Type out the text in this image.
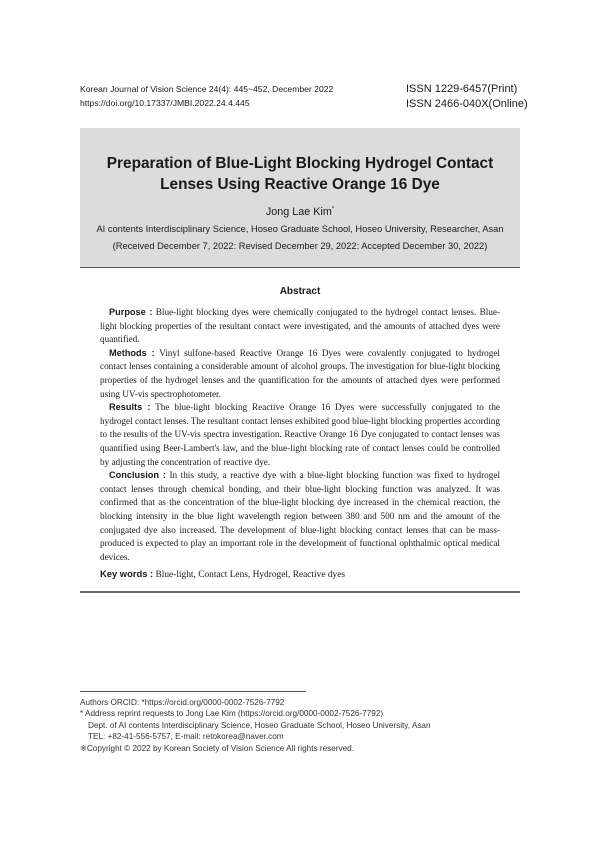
Korean Journal of Vision Science 24(4): 445~452, December 2022
https://doi.org/10.17337/JMBI.2022.24.4.445
ISSN 1229-6457(Print)
ISSN 2466-040X(Online)
Preparation of Blue-Light Blocking Hydrogel Contact
Lenses Using Reactive Orange 16 Dye
Jong Lae Kim*
AI contents Interdisciplinary Science, Hoseo Graduate School, Hoseo University, Researcher, Asan
(Received December 7, 2022: Revised December 29, 2022: Accepted December 30, 2022)
Abstract

Purpose : Blue-light blocking dyes were chemically conjugated to the hydrogel contact lenses. Blue-light blocking properties of the resultant contact were investigated, and the amounts of attached dyes were quantified.

Methods : Vinyl sulfone-based Reactive Orange 16 Dyes were covalently conjugated to hydrogel contact lenses containing a considerable amount of alcohol groups. The investigation for blue-light blocking properties of the hydrogel lenses and the quantification for the amounts of attached dyes were performed using UV-vis spectrophotometer.

Results : The blue-light blocking Reactive Orange 16 Dyes were successfully conjugated to the hydrogel contact lenses. The resultant contact lenses exhibited good blue-light blocking properties according to the results of the UV-vis spectra investigation. Reactive Orange 16 Dye conjugated to contact lenses was quantified using Beer-Lambert's law, and the blue-light blocking rate of contact lenses could be controlled by adjusting the concentration of reactive dye.

Conclusion : In this study, a reactive dye with a blue-light blocking function was fixed to hydrogel contact lenses through chemical bonding, and their blue-light blocking function was analyzed. It was confirmed that as the concentration of the blue-light blocking dye increased in the chemical reaction, the blocking intensity in the blue light wavelength region between 380 and 500 nm and the amount of the conjugated dye also increased. The development of blue-light blocking contact lenses that can be mass-produced is expected to play an important role in the development of functional ophthalmic optical medical devices.

Key words : Blue-light, Contact Lens, Hydrogel, Reactive dyes
Authors ORCID: *https://orcid.org/0000-0002-7526-7792
* Address reprint requests to Jong Lae Kim (https://orcid.org/0000-0002-7526-7792)
Dept. of AI contents Interdisciplinary Science, Hoseo Graduate School, Hoseo University, Asan
TEL: +82-41-556-5757, E-mail: retokorea@naver.com
※Copyright © 2022 by Korean Society of Vision Science All rights reserved.
